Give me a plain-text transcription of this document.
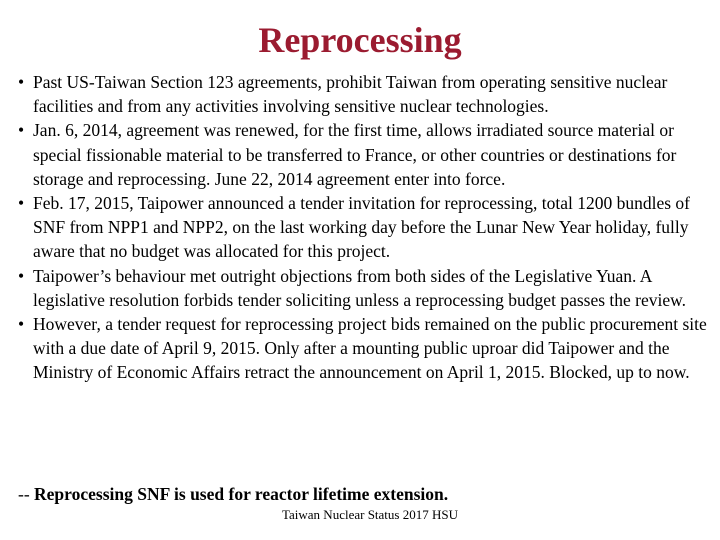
Reprocessing
• Past US-Taiwan Section 123 agreements, prohibit Taiwan from operating sensitive nuclear facilities and from any activities involving sensitive nuclear technologies.
• Jan. 6, 2014, agreement was renewed, for the first time, allows irradiated source material or special fissionable material to be transferred to France, or other countries or destinations for storage and reprocessing. June 22, 2014 agreement enter into force.
• Feb. 17, 2015, Taipower announced a tender invitation for reprocessing, total 1200 bundles of SNF from NPP1 and NPP2, on the last working day before the Lunar New Year holiday, fully aware that no budget was allocated for this project.
• Taipower’s behaviour met outright objections from both sides of the Legislative Yuan. A legislative resolution forbids tender soliciting unless a reprocessing budget passes the review.
• However, a tender request for reprocessing project bids remained on the public procurement site with a due date of April 9, 2015. Only after a mounting public uproar did Taipower and the Ministry of Economic Affairs retract the announcement on April 1, 2015. Blocked, up to now.
-- Reprocessing SNF is used for reactor lifetime extension.
Taiwan Nuclear Status 2017 HSU
